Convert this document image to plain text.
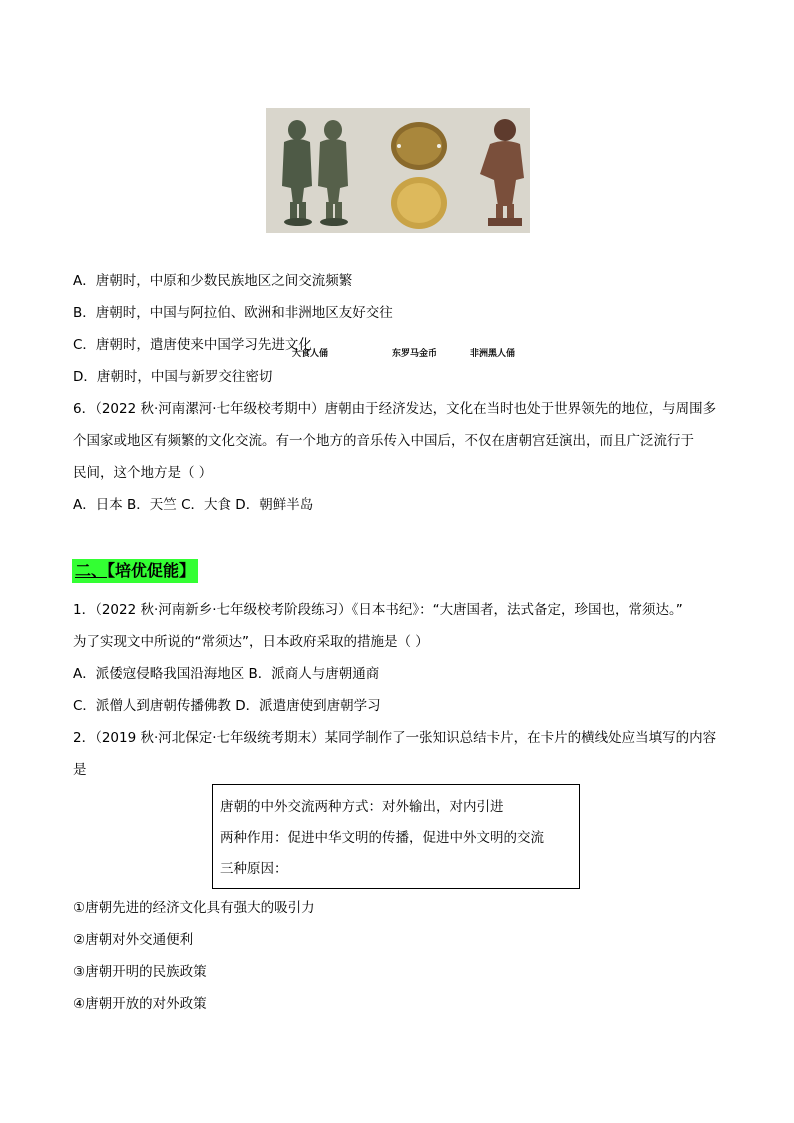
大食人俑	东罗马金币	非洲黑人俑
A．唐朝时，中原和少数民族地区之间交流频繁
B．唐朝时，中国与阿拉伯、欧洲和非洲地区友好交往
C．唐朝时，遣唐使来中国学习先进文化
D．唐朝时，中国与新罗交往密切
6．（2022 秋·河南漯河·七年级校考期中）唐朝由于经济发达，文化在当时也处于世界领先的地位，与周围多
个国家或地区有频繁的文化交流。有一个地方的音乐传入中国后，不仅在唐朝宫廷演出，而且广泛流行于
民间，这个地方是（ ）
A．日本 B．天竺 C．大食 D．朝鲜半岛
二、【培优促能】
1．（2022 秋·河南新乡·七年级校考阶段练习）《日本书纪》：“大唐国者，法式备定，珍国也，常须达。”
为了实现文中所说的“常须达”，日本政府采取的措施是（ ）
A．派倭寇侵略我国沿海地区 B．派商人与唐朝通商
C．派僧人到唐朝传播佛教 D．派遣唐使到唐朝学习
2．（2019 秋·河北保定·七年级统考期末）某同学制作了一张知识总结卡片，在卡片的横线处应当填写的内容
是
唐朝的中外交流两种方式：对外输出，对内引进
两种作用：促进中华文明的传播，促进中外文明的交流
三种原因：
①唐朝先进的经济文化具有强大的吸引力
②唐朝对外交通便利
③唐朝开明的民族政策
④唐朝开放的对外政策
